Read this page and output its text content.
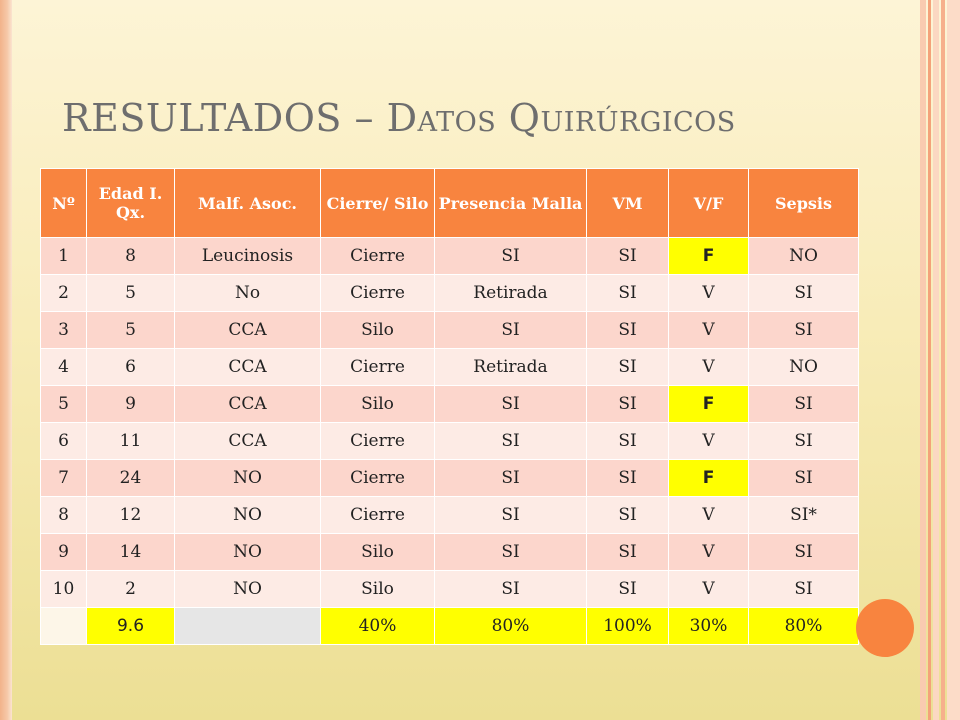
RESULTADOS – Datos Quirúrgicos
Nº	Edad I. Qx.	Malf. Asoc.	Cierre/ Silo	Presencia Malla	VM	V/F	Sepsis
1	8	Leucinosis	Cierre	SI	SI	F	NO
2	5	No	Cierre	Retirada	SI	V	SI
3	5	CCA	Silo	SI	SI	V	SI
4	6	CCA	Cierre	Retirada	SI	V	NO
5	9	CCA	Silo	SI	SI	F	SI
6	11	CCA	Cierre	SI	SI	V	SI
7	24	NO	Cierre	SI	SI	F	SI
8	12	NO	Cierre	SI	SI	V	SI*
9	14	NO	Silo	SI	SI	V	SI
10	2	NO	Silo	SI	SI	V	SI
	9.6		40%	80%	100%	30%	80%
